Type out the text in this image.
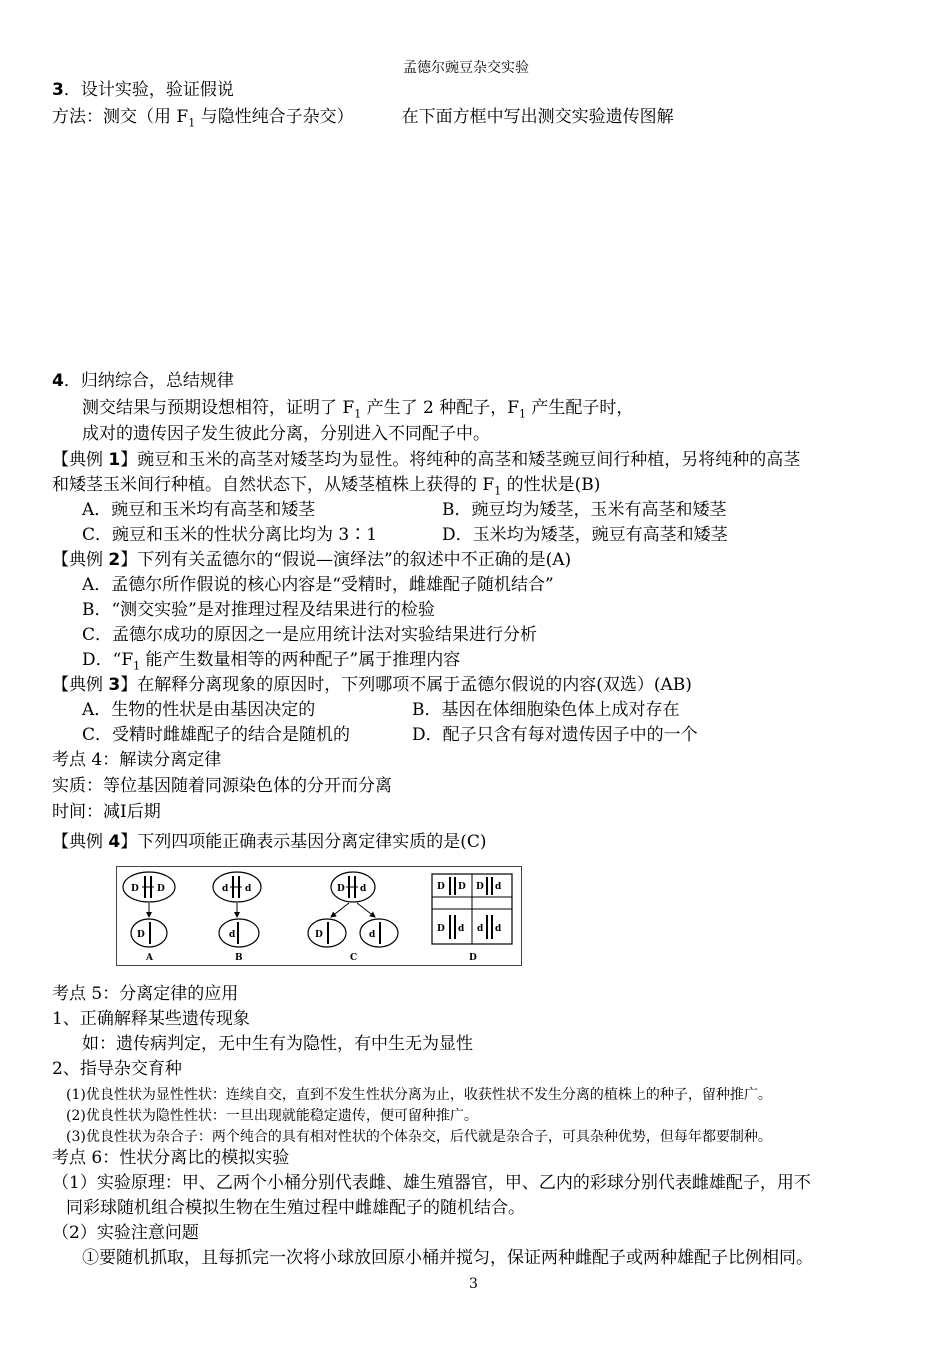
孟德尔豌豆杂交实验
3．设计实验，验证假说
方法：测交（用 $F_1$ 与隐性纯合子杂交）	在下面方框中写出测交实验遗传图解
4．归纳综合，总结规律
测交结果与预期设想相符，证明了 $F_1$ 产生了 2 种配子，$F_1$ 产生配子时，
成对的遗传因子发生彼此分离，分别进入不同配子中。
【典例 1】豌豆和玉米的高茎对矮茎均为显性。将纯种的高茎和矮茎豌豆间行种植，另将纯种的高茎
和矮茎玉米间行种植。自然状态下，从矮茎植株上获得的 $F_1$ 的性状是(B)
A．豌豆和玉米均有高茎和矮茎	B．豌豆均为矮茎，玉米有高茎和矮茎
C．豌豆和玉米的性状分离比均为 3∶1	D．玉米均为矮茎，豌豆有高茎和矮茎
【典例 2】下列有关孟德尔的“假说—演绎法”的叙述中不正确的是(A)
A．孟德尔所作假说的核心内容是“受精时，雌雄配子随机结合”
B．“测交实验”是对推理过程及结果进行的检验
C．孟德尔成功的原因之一是应用统计法对实验结果进行分析
D．“$F_1$ 能产生数量相等的两种配子”属于推理内容
【典例 3】在解释分离现象的原因时，下列哪项不属于孟德尔假说的内容(双选）(AB)
A．生物的性状是由基因决定的	B．基因在体细胞染色体上成对存在
C．受精时雌雄配子的结合是随机的	D．配子只含有每对遗传因子中的一个
考点 4：解读分离定律
实质：等位基因随着同源染色体的分开而分离
时间：减Ⅰ后期
【典例 4】下列四项能正确表示基因分离定律实质的是(C)
D D
D
A
d d
d
B
D d
D	d
C
D D D d
D d d d
D
考点 5：分离定律的应用
1、正确解释某些遗传现象
如：遗传病判定，无中生有为隐性，有中生无为显性
2、指导杂交育种
(1)优良性状为显性性状：连续自交，直到不发生性状分离为止，收获性状不发生分离的植株上的种子，留种推广。
(2)优良性状为隐性性状：一旦出现就能稳定遗传，便可留种推广。
(3)优良性状为杂合子：两个纯合的具有相对性状的个体杂交，后代就是杂合子，可具杂种优势，但每年都要制种。
考点 6：性状分离比的模拟实验
（1）实验原理：甲、乙两个小桶分别代表雌、雄生殖器官，甲、乙内的彩球分别代表雌雄配子，用不
同彩球随机组合模拟生物在生殖过程中雌雄配子的随机结合。
（2）实验注意问题
①要随机抓取，且每抓完一次将小球放回原小桶并搅匀，保证两种雌配子或两种雄配子比例相同。
3
